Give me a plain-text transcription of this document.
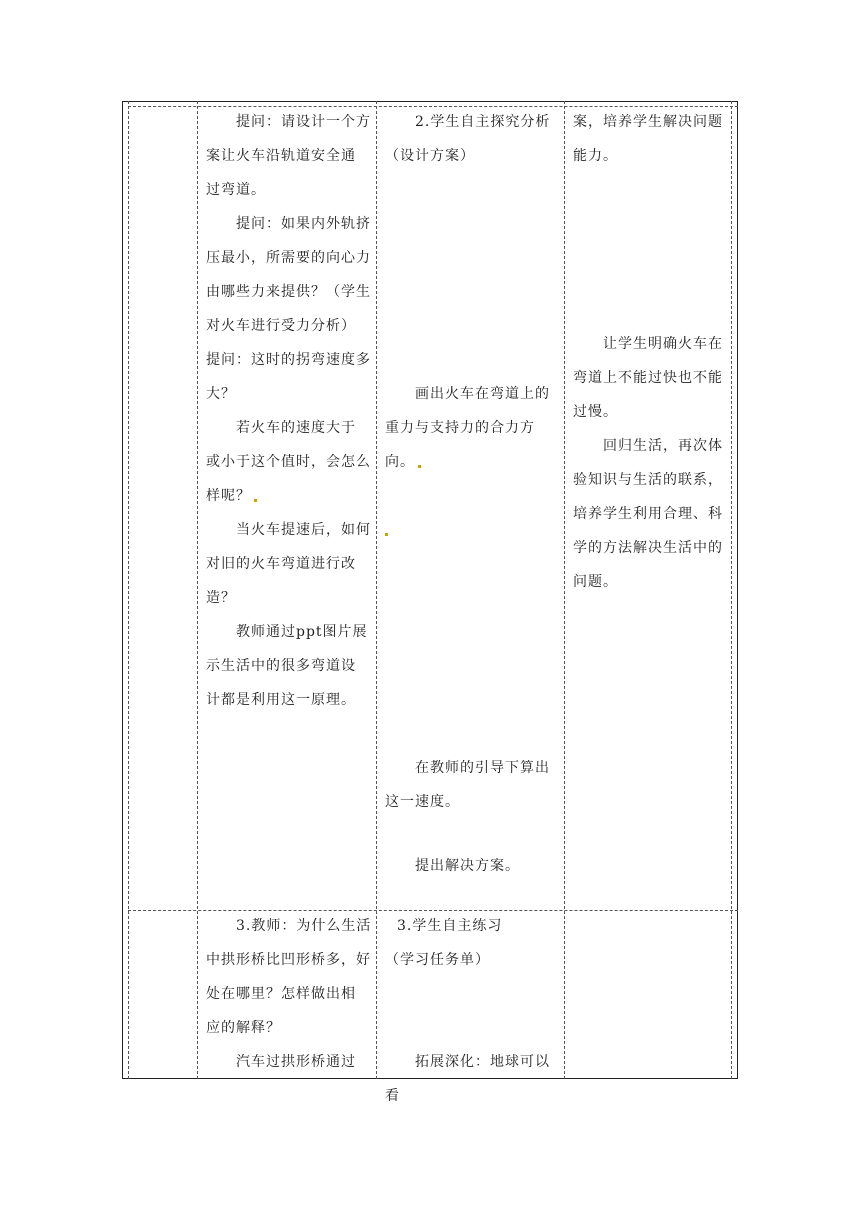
提问：请设计一个方

案让火车沿轨道安全通

过弯道。

提问：如果内外轨挤

压最小，所需要的向心力

由哪些力来提供？（学生

对火车进行受力分析）

提问：这时的拐弯速度多

大？

若火车的速度大于

或小于这个值时，会怎么

样呢？

当火车提速后，如何

对旧的火车弯道进行改

造？

教师通过ppt图片展

示生活中的很多弯道设

计都是利用这一原理。

2.学生自主探究分析

（设计方案）

画出火车在弯道上的

重力与支持力的合力方

向。

在教师的引导下算出

这一速度。

提出解决方案。

案，培养学生解决问题

能力。

让学生明确火车在

弯道上不能过快也不能

过慢。

回归生活，再次体

验知识与生活的联系，

培养学生利用合理、科

学的方法解决生活中的

问题。

3.教师：为什么生活

中拱形桥比凹形桥多，好

处在哪里？怎样做出相

应的解释？

汽车过拱形桥通过

3.学生自主练习

（学习任务单）

拓展深化：地球可以看
